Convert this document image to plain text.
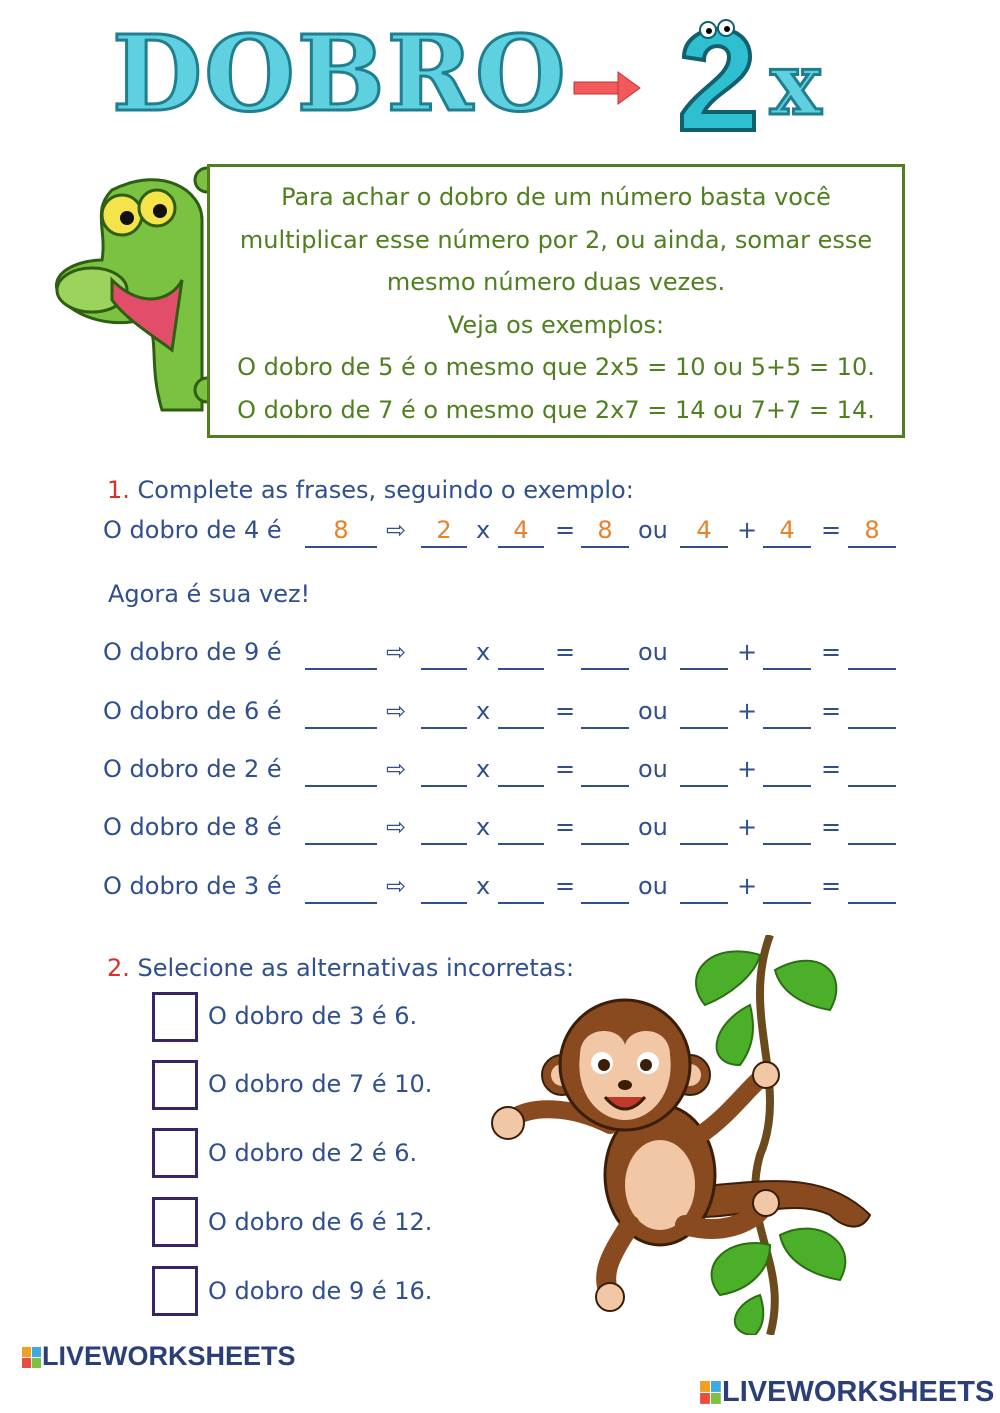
DOBRO x
Para achar o dobro de um número basta você
multiplicar esse número por 2, ou ainda, somar esse
mesmo número duas vezes.
Veja os exemplos:
O dobro de 5 é o mesmo que 2x5 = 10 ou 5+5 = 10.
O dobro de 7 é o mesmo que 2x7 = 14 ou 7+7 = 14.
1. Complete as frases, seguindo o exemplo:
O dobro de 4 é	8	⇨	2	x 4	= 8	ou	4	+ 4	= 8
Agora é sua vez!
O dobro de 9 é	⇨	x	=	ou	+	=
O dobro de 6 é	⇨	x	=	ou	+	=
O dobro de 2 é	⇨	x	=	ou	+	=
O dobro de 8 é	⇨	x	=	ou	+	=
O dobro de 3 é	⇨	x	=	ou	+	=
2. Selecione as alternativas incorretas:
O dobro de 3 é 6.
O dobro de 7 é 10.
O dobro de 2 é 6.
O dobro de 6 é 12.
O dobro de 9 é 16.
LIVEWORKSHEETS
LIVEWORKSHEETS
